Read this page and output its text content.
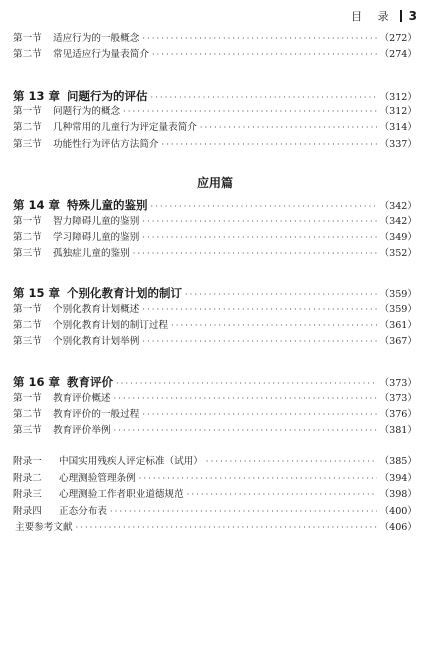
目 录 3
应用篇
第一节 适应行为的一般概念 ·····	（272）
第二节 常见适应行为量表简介 ·····	（274）
第 13 章 问题行为的评估 ·····	（312）
第一节 问题行为的概念 ·····	（312）
第二节 几种常用的儿童行为评定量表简介 ·····	（314）
第三节 功能性行为评估方法简介 ·····	（337）
第 14 章 特殊儿童的鉴别 ·····	（342）
第一节 智力障碍儿童的鉴别 ·····	（342）
第二节 学习障碍儿童的鉴别 ·····	（349）
第三节 孤独症儿童的鉴别 ·····	（352）
第 15 章 个别化教育计划的制订 ·····	（359）
第一节 个别化教育计划概述 ·····	（359）
第二节 个别化教育计划的制订过程 ·····	（361）
第三节 个别化教育计划举例 ·····	（367）
第 16 章 教育评价 ·····	（373）
第一节 教育评价概述 ·····	（373）
第二节 教育评价的一般过程 ·····	（376）
第三节 教育评价举例 ·····	（381）
附录一 中国实用残疾人评定标准（试用） ·····	（385）
附录二 心理测验管理条例 ·····	（394）
附录三 心理测验工作者职业道德规范 ·····	（398）
附录四 正态分布表 ·····	（400）
主要参考文献 ·····	（406）
